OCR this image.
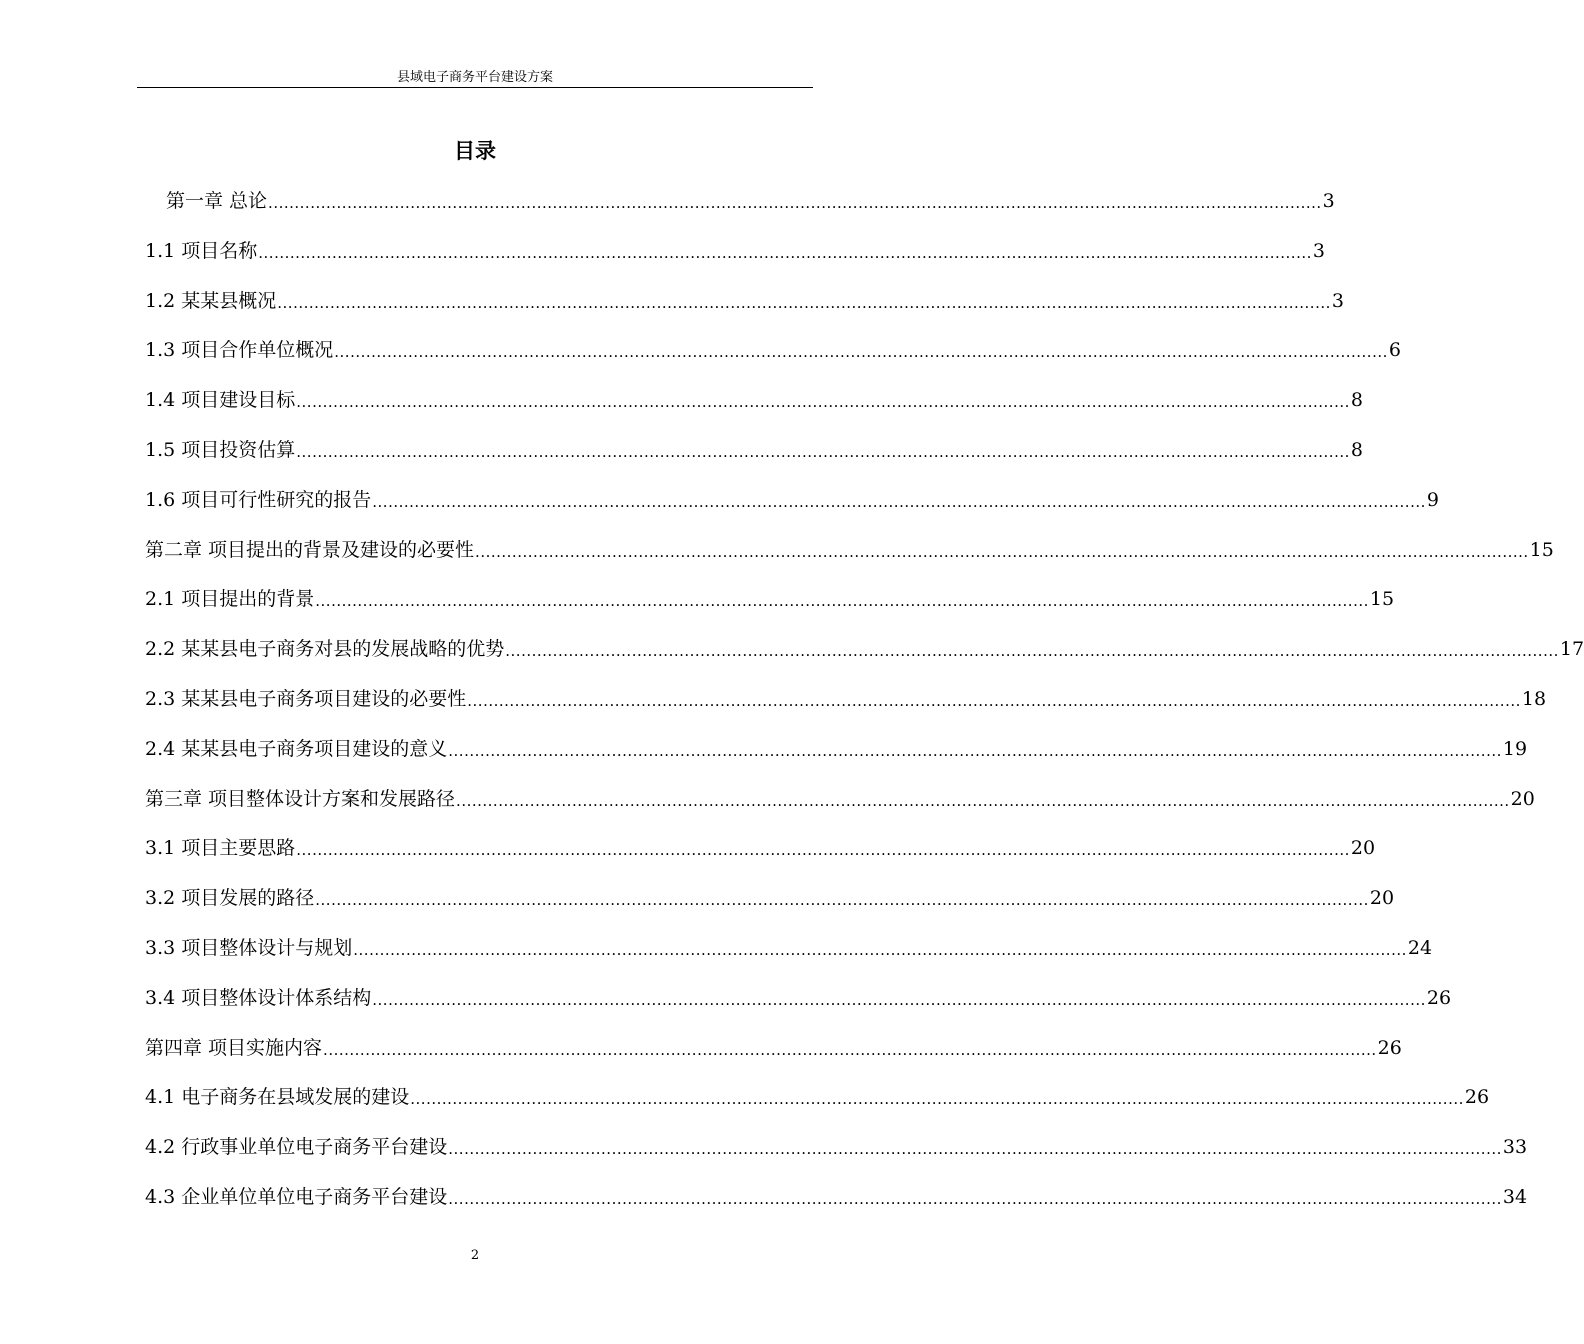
县域电子商务平台建设方案
目录
第一章 总论 ........................................................................................................................................................................................................ 3
1.1 项目名称 ........................................................................................................................................................................................................ 3
1.2 某某县概况 ........................................................................................................................................................................................................ 3
1.3 项目合作单位概况 ........................................................................................................................................................................................................ 6
1.4 项目建设目标 ........................................................................................................................................................................................................ 8
1.5 项目投资估算 ........................................................................................................................................................................................................ 8
1.6 项目可行性研究的报告 ........................................................................................................................................................................................................ 9
第二章 项目提出的背景及建设的必要性 ........................................................................................................................................................................................................ 15
2.1 项目提出的背景 ........................................................................................................................................................................................................ 15
2.2 某某县电子商务对县的发展战略的优势 ........................................................................................................................................................................................................ 17
2.3 某某县电子商务项目建设的必要性 ........................................................................................................................................................................................................ 18
2.4 某某县电子商务项目建设的意义 ........................................................................................................................................................................................................ 19
第三章 项目整体设计方案和发展路径 ........................................................................................................................................................................................................ 20
3.1 项目主要思路 ........................................................................................................................................................................................................ 20
3.2 项目发展的路径 ........................................................................................................................................................................................................ 20
3.3 项目整体设计与规划 ........................................................................................................................................................................................................ 24
3.4 项目整体设计体系结构 ........................................................................................................................................................................................................ 26
第四章 项目实施内容 ........................................................................................................................................................................................................ 26
4.1 电子商务在县域发展的建设 ........................................................................................................................................................................................................ 26
4.2 行政事业单位电子商务平台建设 ........................................................................................................................................................................................................ 33
4.3 企业单位单位电子商务平台建设 ........................................................................................................................................................................................................ 34
2
